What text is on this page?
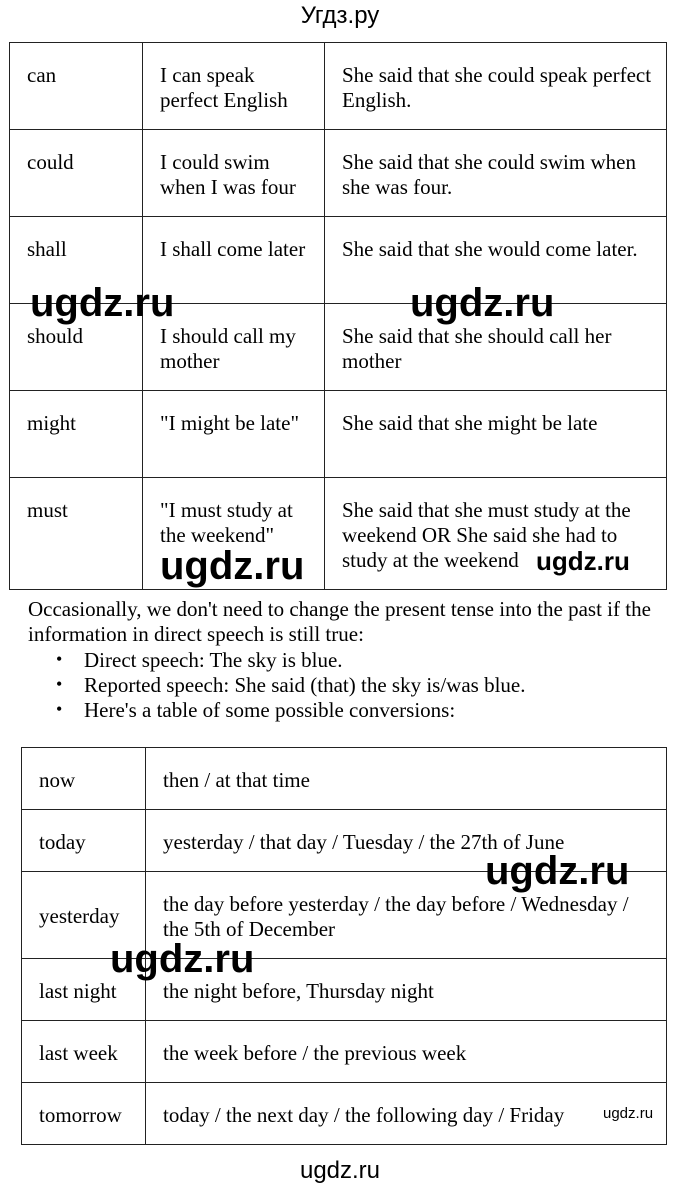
Угдз.ру
can	I can speak perfect English	She said that she could speak perfect English.
could	I could swim when I was four	She said that she could swim when she was four.
shall	I shall come later	She said that she would come later.
should	I should call my mother	She said that she should call her mother
might	"I might be late"	She said that she might be late
must	"I must study at the weekend"	She said that she must study at the weekend OR She said she had to study at the weekend
Occasionally, we don't need to change the present tense into the past if the information in direct speech is still true:
• Direct speech: The sky is blue.
• Reported speech: She said (that) the sky is/was blue.
• Here's a table of some possible conversions:
now	then / at that time
today	yesterday / that day / Tuesday / the 27th of June
yesterday	the day before yesterday / the day before / Wednesday / the 5th of December
last night	the night before, Thursday night
last week	the week before / the previous week
tomorrow	today / the next day / the following day / Friday
ugdz.ru	ugdz.ru
ugdz.ru	ugdz.ru
ugdz.ru
ugdz.ru
ugdz.ru
ugdz.ru
